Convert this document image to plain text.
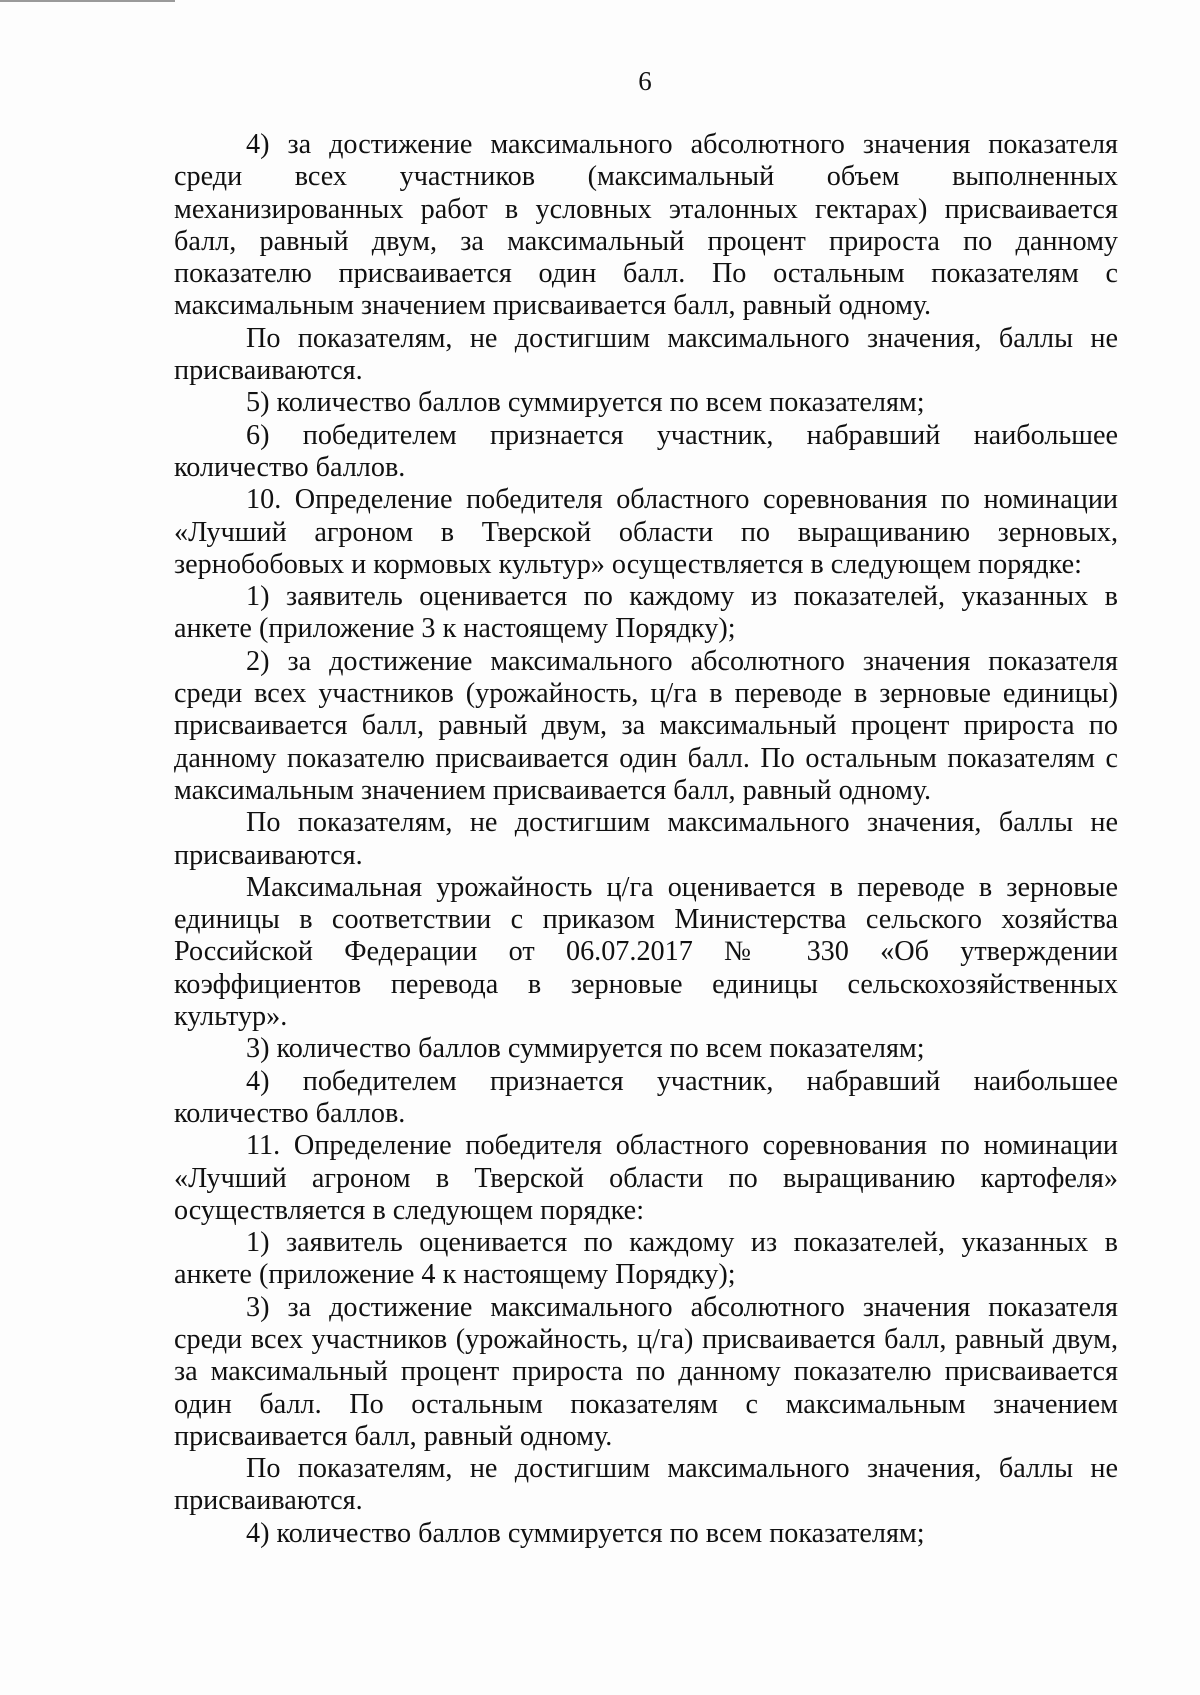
6

4) за достижение максимального абсолютного значения показателя среди всех участников (максимальный объем выполненных механизированных работ в условных эталонных гектарах) присваивается балл, равный двум, за максимальный процент прироста по данному показателю присваивается один балл. По остальным показателям с максимальным значением присваивается балл, равный одному.

По показателям, не достигшим максимального значения, баллы не присваиваются.

5) количество баллов суммируется по всем показателям;

6) победителем признается участник, набравший наибольшее количество баллов.

10. Определение победителя областного соревнования по номинации «Лучший агроном в Тверской области по выращиванию зерновых, зернобобовых и кормовых культур» осуществляется в следующем порядке:

1) заявитель оценивается по каждому из показателей, указанных в анкете (приложение 3 к настоящему Порядку);

2) за достижение максимального абсолютного значения показателя среди всех участников (урожайность, ц/га в переводе в зерновые единицы) присваивается балл, равный двум, за максимальный процент прироста по данному показателю присваивается один балл. По остальным показателям с максимальным значением присваивается балл, равный одному.

По показателям, не достигшим максимального значения, баллы не присваиваются.

Максимальная урожайность ц/га оценивается в переводе в зерновые единицы в соответствии с приказом Министерства сельского хозяйства Российской Федерации от 06.07.2017 № 330 «Об утверждении коэффициентов перевода в зерновые единицы сельскохозяйственных культур».

3) количество баллов суммируется по всем показателям;

4) победителем признается участник, набравший наибольшее количество баллов.

11. Определение победителя областного соревнования по номинации «Лучший агроном в Тверской области по выращиванию картофеля» осуществляется в следующем порядке:

1) заявитель оценивается по каждому из показателей, указанных в анкете (приложение 4 к настоящему Порядку);

3) за достижение максимального абсолютного значения показателя среди всех участников (урожайность, ц/га) присваивается балл, равный двум, за максимальный процент прироста по данному показателю присваивается один балл. По остальным показателям с максимальным значением присваивается балл, равный одному.

По показателям, не достигшим максимального значения, баллы не присваиваются.

4) количество баллов суммируется по всем показателям;
